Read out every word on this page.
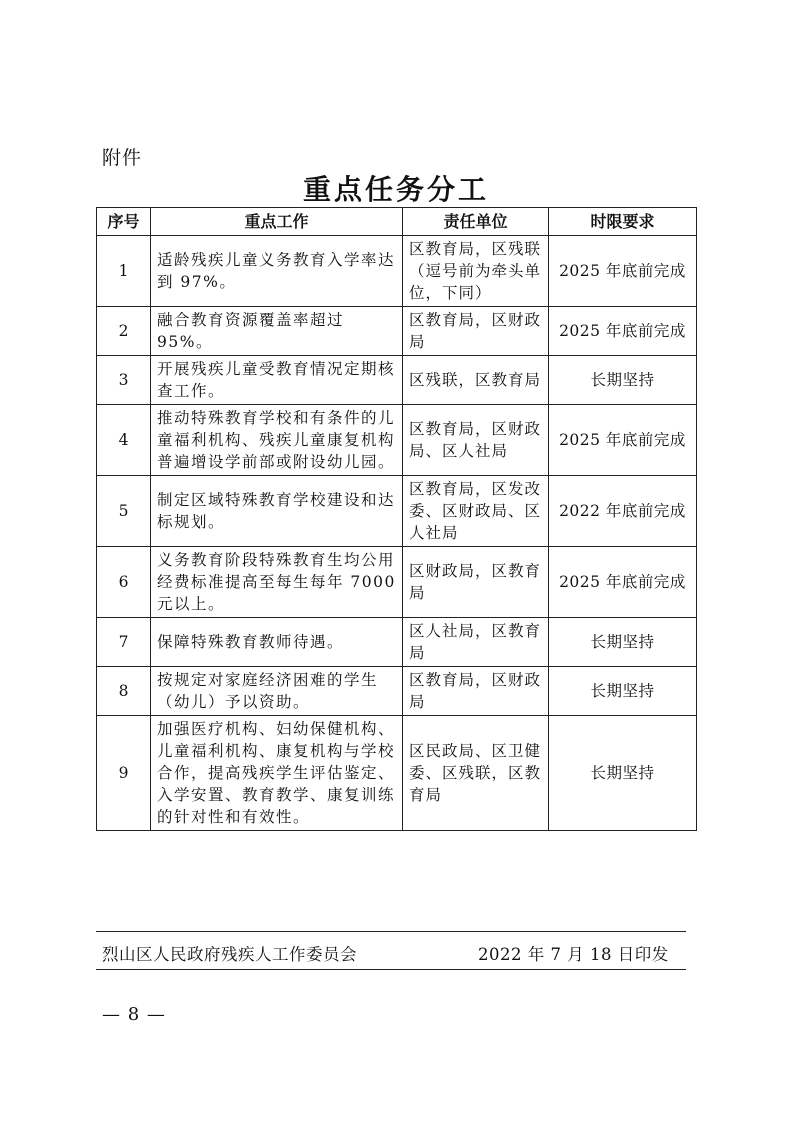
附件
重点任务分工
序号	重点工作	责任单位	时限要求
1	适龄残疾儿童义务教育入学率达到 97%。	区教育局，区残联（逗号前为牵头单位，下同）	2025 年底前完成
2	融合教育资源覆盖率超过 95%。	区教育局，区财政局	2025 年底前完成
3	开展残疾儿童受教育情况定期核查工作。	区残联，区教育局	长期坚持
4	推动特殊教育学校和有条件的儿童福利机构、残疾儿童康复机构普遍增设学前部或附设幼儿园。	区教育局，区财政局、区人社局	2025 年底前完成
5	制定区域特殊教育学校建设和达标规划。	区教育局，区发改委、区财政局、区人社局	2022 年底前完成
6	义务教育阶段特殊教育生均公用经费标准提高至每生每年 7000 元以上。	区财政局，区教育局	2025 年底前完成
7	保障特殊教育教师待遇。	区人社局，区教育局	长期坚持
8	按规定对家庭经济困难的学生（幼儿）予以资助。	区教育局，区财政局	长期坚持
9	加强医疗机构、妇幼保健机构、儿童福利机构、康复机构与学校合作，提高残疾学生评估鉴定、入学安置、教育教学、康复训练的针对性和有效性。	区民政局、区卫健委、区残联，区教育局	长期坚持
烈山区人民政府残疾人工作委员会	2022 年 7 月 18 日印发
— 8 —
